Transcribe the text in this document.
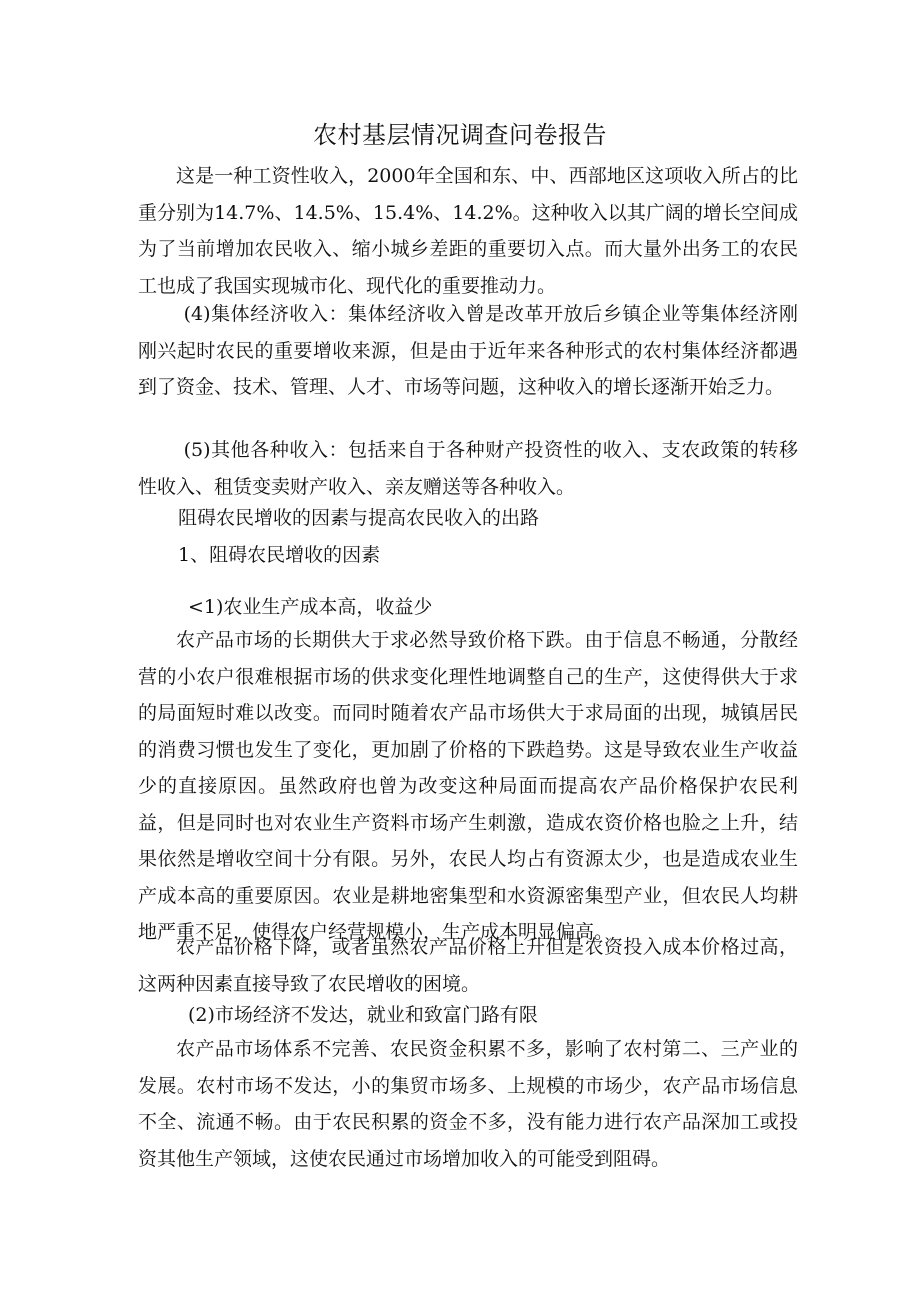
农村基层情况调查问卷报告
这是一种工资性收入，2000年全国和东、中、西部地区这项收入所占的比重分别为14.7%、14.5%、15.4%、14.2%。这种收入以其广阔的增长空间成为了当前增加农民收入、缩小城乡差距的重要切入点。而大量外出务工的农民工也成了我国实现城市化、现代化的重要推动力。
(4)集体经济收入：集体经济收入曾是改革开放后乡镇企业等集体经济刚刚兴起时农民的重要增收来源，但是由于近年来各种形式的农村集体经济都遇到了资金、技术、管理、人才、市场等问题，这种收入的增长逐渐开始乏力。
(5)其他各种收入：包括来自于各种财产投资性的收入、支农政策的转移性收入、租赁变卖财产收入、亲友赠送等各种收入。
阻碍农民增收的因素与提高农民收入的出路
1、阻碍农民增收的因素
<1)农业生产成本高，收益少
农产品市场的长期供大于求必然导致价格下跌。由于信息不畅通，分散经营的小农户很难根据市场的供求变化理性地调整自己的生产，这使得供大于求的局面短时难以改变。而同时随着农产品市场供大于求局面的出现，城镇居民的消费习惯也发生了变化，更加剧了价格的下跌趋势。这是导致农业生产收益少的直接原因。虽然政府也曾为改变这种局面而提高农产品价格保护农民利益，但是同时也对农业生产资料市场产生刺激，造成农资价格也脸之上升，结果依然是增收空间十分有限。另外，农民人均占有资源太少，也是造成农业生产成本高的重要原因。农业是耕地密集型和水资源密集型产业，但农民人均耕地严重不足，使得农户经营规模小，生产成本明显偏高。
农产品价格下降，或者虽然农产品价格上升但是农资投入成本价格过高，这两种因素直接导致了农民增收的困境。
(2)市场经济不发达，就业和致富门路有限
农产品市场体系不完善、农民资金积累不多，影响了农村第二、三产业的发展。农村市场不发达，小的集贸市场多、上规模的市场少，农产品市场信息不全、流通不畅。由于农民积累的资金不多，没有能力进行农产品深加工或投资其他生产领域，这使农民通过市场增加收入的可能受到阻碍。
